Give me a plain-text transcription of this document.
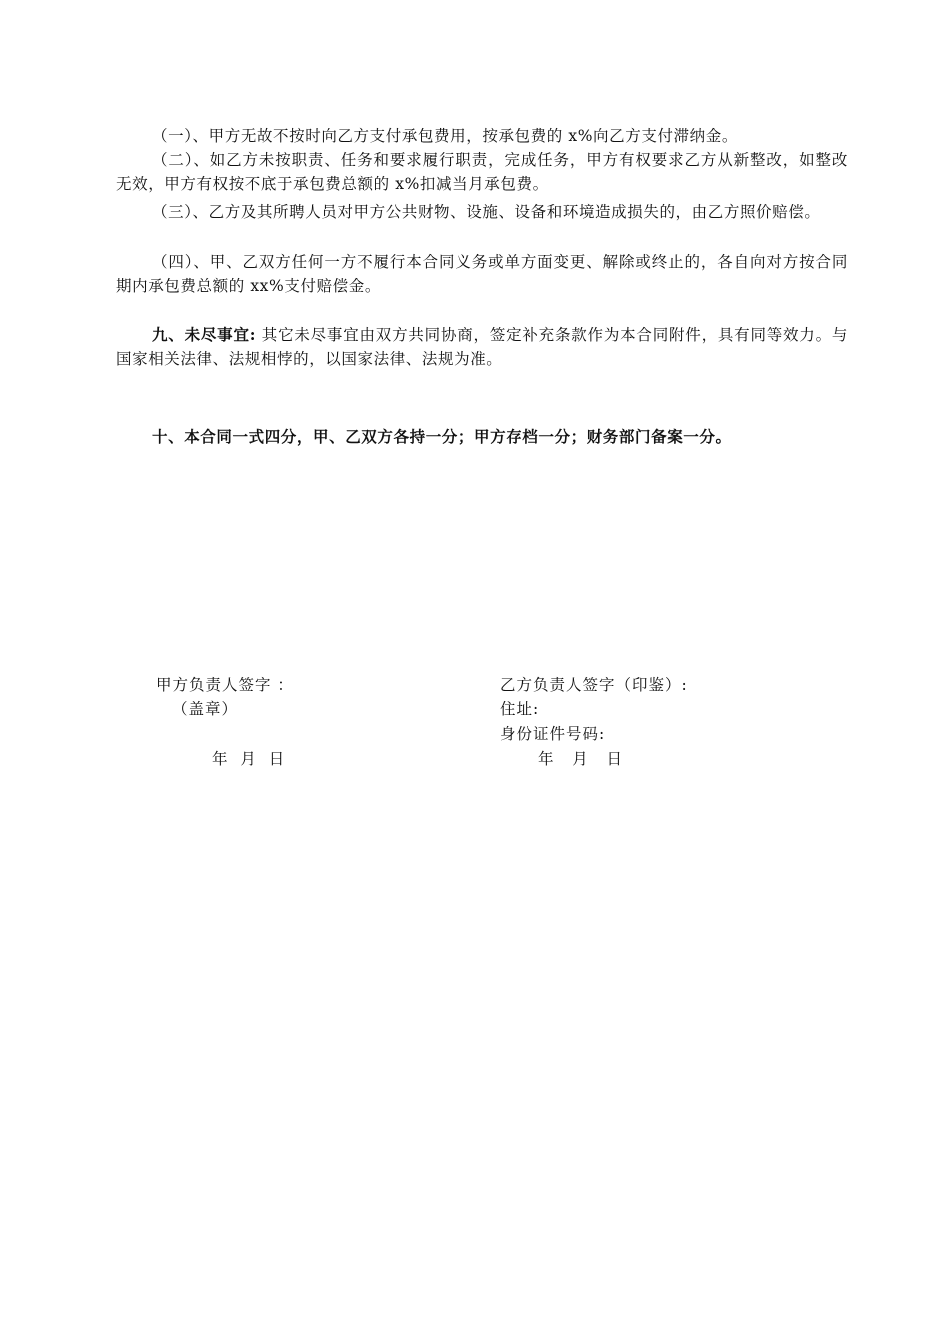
（一）、甲方无故不按时向乙方支付承包费用，按承包费的 x%向乙方支付滞纳金。
（二）、如乙方未按职责、任务和要求履行职责，完成任务，甲方有权要求乙方从新整改，如整改无效，甲方有权按不底于承包费总额的 x%扣减当月承包费。
（三）、乙方及其所聘人员对甲方公共财物、设施、设备和环境造成损失的，由乙方照价赔偿。
（四）、甲、乙双方任何一方不履行本合同义务或单方面变更、解除或终止的，各自向对方按合同期内承包费总额的 xx%支付赔偿金。
九、未尽事宜: 其它未尽事宜由双方共同协商，签定补充条款作为本合同附件，具有同等效力。与国家相关法律、法规相悖的，以国家法律、法规为准。
十、本合同一式四分，甲、乙双方各持一分；甲方存档一分；财务部门备案一分。
甲方负责人签字 ：
（盖章）
年  月  日
乙方负责人签字（印鉴）:
住址:
身份证件号码:
年   月   日
